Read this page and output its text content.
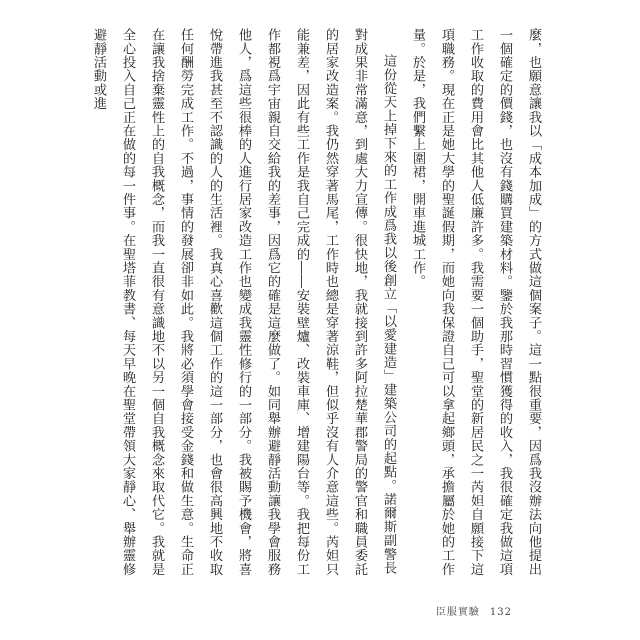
麼，也願意讓我以「成本加成」的方式做這個案子。這一點很重要，因爲我沒辦法向他提出一個確定的價錢，也沒有錢購買建築材料。鑒於我那時習慣獲得的收入，我很確定我做這項工作收取的費用會比其他人低廉許多。我需要一個助手，聖堂的新居民之一芮妲自願接下這項職務。現在正是她大學的聖誕假期，而她向我保證自己可以拿起鄉頭，承擔屬於她的工作量。於是，我們繫上圍裙，開車進城工作。

這份從天上掉下來的工作成爲我以後創立「以愛建造」建築公司的起點。諾爾斯副警長對成果非常滿意，到處大力宣傳。很快地，我就接到許多阿拉楚華郡警局的警官和職員委託的居家改造案。我仍然穿著馬尾，工作時也總是穿著涼鞋，但似乎沒有人介意這些。芮妲只能兼差，因此有些工作是我自己完成的――安裝壁爐、改裝車庫、增建陽台等。我把每份工作都視爲宇宙親自交給我的差事，因爲它的確是這麼做了。如同舉辦避靜活動讓我學會服務他人，爲這些很棒的人進行居家改造工作也變成我靈性修行的一部分。我被賜予機會，將喜悅帶進我甚至不認識的人的生活裡。我真心喜歡這個工作的這一部分，也會很高興地不收取任何酬勞完成工作。不過，事情的發展卻非如此。我將必須學會接受金錢和做生意。生命正在讓我捨棄靈性上的自我概念，而我一直很有意識地不以另一個自我概念來取代它。我就是全心投入自己正在做的每一件事。在聖塔菲教書、每天早晚在聖堂帶領大家靜心、舉辦靈修避靜活動或進

臣服實驗 132
